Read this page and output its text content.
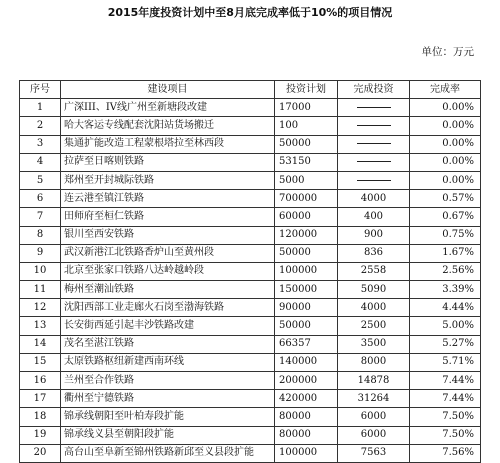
2015年度投资计划中至8月底完成率低于10%的项目情况
单位：万元
序号	建设项目	投资计划	完成投资	完成率
1	广深III、IV线广州至新塘段改建	17000		0.00%
2	哈大客运专线配套沈阳站货场搬迁	100		0.00%
3	集通扩能改造工程蒙根塔拉至林西段	50000		0.00%
4	拉萨至日喀则铁路	53150		0.00%
5	郑州至开封城际铁路	5000		0.00%
6	连云港至镇江铁路	700000	4000	0.57%
7	田师府至桓仁铁路	60000	400	0.67%
8	银川至西安铁路	120000	900	0.75%
9	武汉新港江北铁路香炉山至黄州段	50000	836	1.67%
10	北京至张家口铁路八达岭越岭段	100000	2558	2.56%
11	梅州至潮汕铁路	150000	5090	3.39%
12	沈阳西部工业走廊火石岗至渤海铁路	90000	4000	4.44%
13	长安街西延引起丰沙铁路改建	50000	2500	5.00%
14	茂名至湛江铁路	66357	3500	5.27%
15	太原铁路枢纽新建西南环线	140000	8000	5.71%
16	兰州至合作铁路	200000	14878	7.44%
17	衢州至宁德铁路	420000	31264	7.44%
18	锦承线朝阳至叶柏寿段扩能	80000	6000	7.50%
19	锦承线义县至朝阳段扩能	80000	6000	7.50%
20	高台山至阜新至锦州铁路新邱至义县段扩能	100000	7563	7.56%
